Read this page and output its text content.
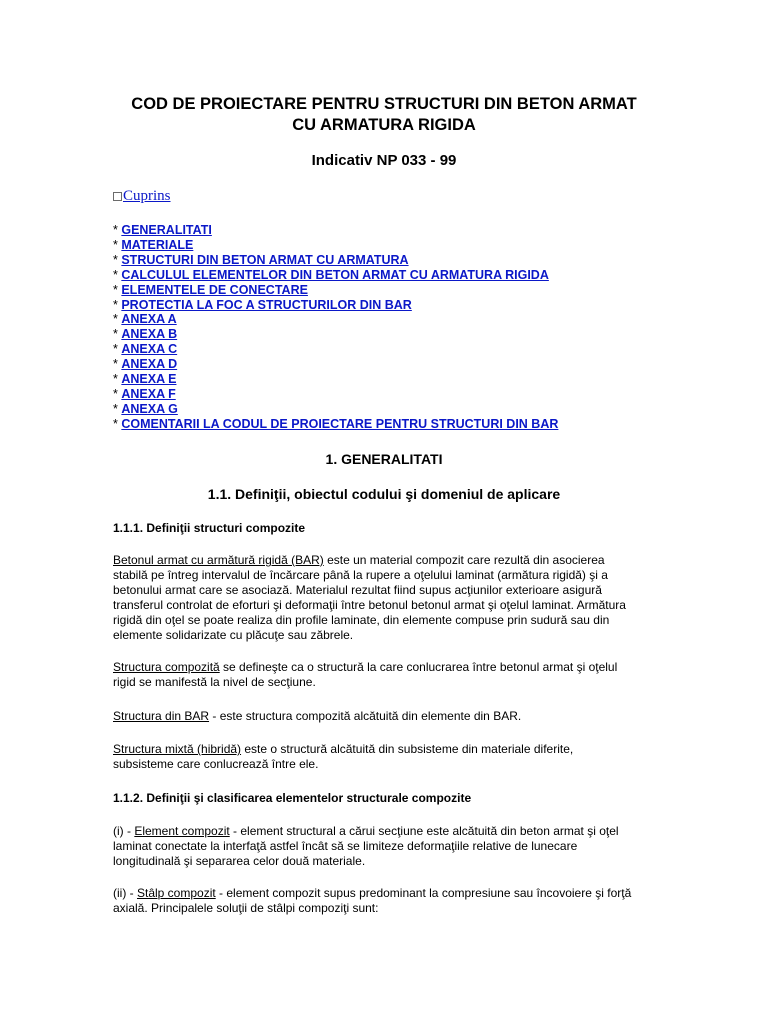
COD DE PROIECTARE PENTRU STRUCTURI DIN BETON ARMAT
CU ARMATURA RIGIDA
Indicativ NP 033 - 99
Cuprins
* GENERALITATI
* MATERIALE
* STRUCTURI DIN BETON ARMAT CU ARMATURA
* CALCULUL ELEMENTELOR DIN BETON ARMAT CU ARMATURA RIGIDA
* ELEMENTELE DE CONECTARE
* PROTECTIA LA FOC A STRUCTURILOR DIN BAR
* ANEXA A
* ANEXA B
* ANEXA C
* ANEXA D
* ANEXA E
* ANEXA F
* ANEXA G
* COMENTARII LA CODUL DE PROIECTARE PENTRU STRUCTURI DIN BAR
1. GENERALITATI
1.1. Definiţii, obiectul codului şi domeniul de aplicare
1.1.1. Definiţii structuri compozite
Betonul armat cu armătură rigidă (BAR) este un material compozit care rezultă din asocierea
stabilă pe întreg intervalul de încărcare până la rupere a oţelului laminat (armătura rigidă) şi a
betonului armat care se asociază. Materialul rezultat fiind supus acţiunilor exterioare asigură
transferul controlat de eforturi şi deformaţii între betonul betonul armat şi oţelul laminat. Armătura
rigidă din oţel se poate realiza din profile laminate, din elemente compuse prin sudură sau din
elemente solidarizate cu plăcuţe sau zăbrele.
Structura compozită se defineşte ca o structură la care conlucrarea între betonul armat şi oţelul
rigid se manifestă la nivel de secţiune.
Structura din BAR - este structura compozită alcătuită din elemente din BAR.
Structura mixtă (hibridă) este o structură alcătuită din subsisteme din materiale diferite,
subsisteme care conlucrează între ele.
1.1.2. Definiţii şi clasificarea elementelor structurale compozite
(i) - Element compozit - element structural a cărui secţiune este alcătuită din beton armat şi oţel
laminat conectate la interfaţă astfel încât să se limiteze deformaţiile relative de lunecare
longitudinală şi separarea celor două materiale.
(ii) - Stâlp compozit - element compozit supus predominant la compresiune sau încovoiere şi forţă
axială. Principalele soluţii de stâlpi compoziţi sunt:
